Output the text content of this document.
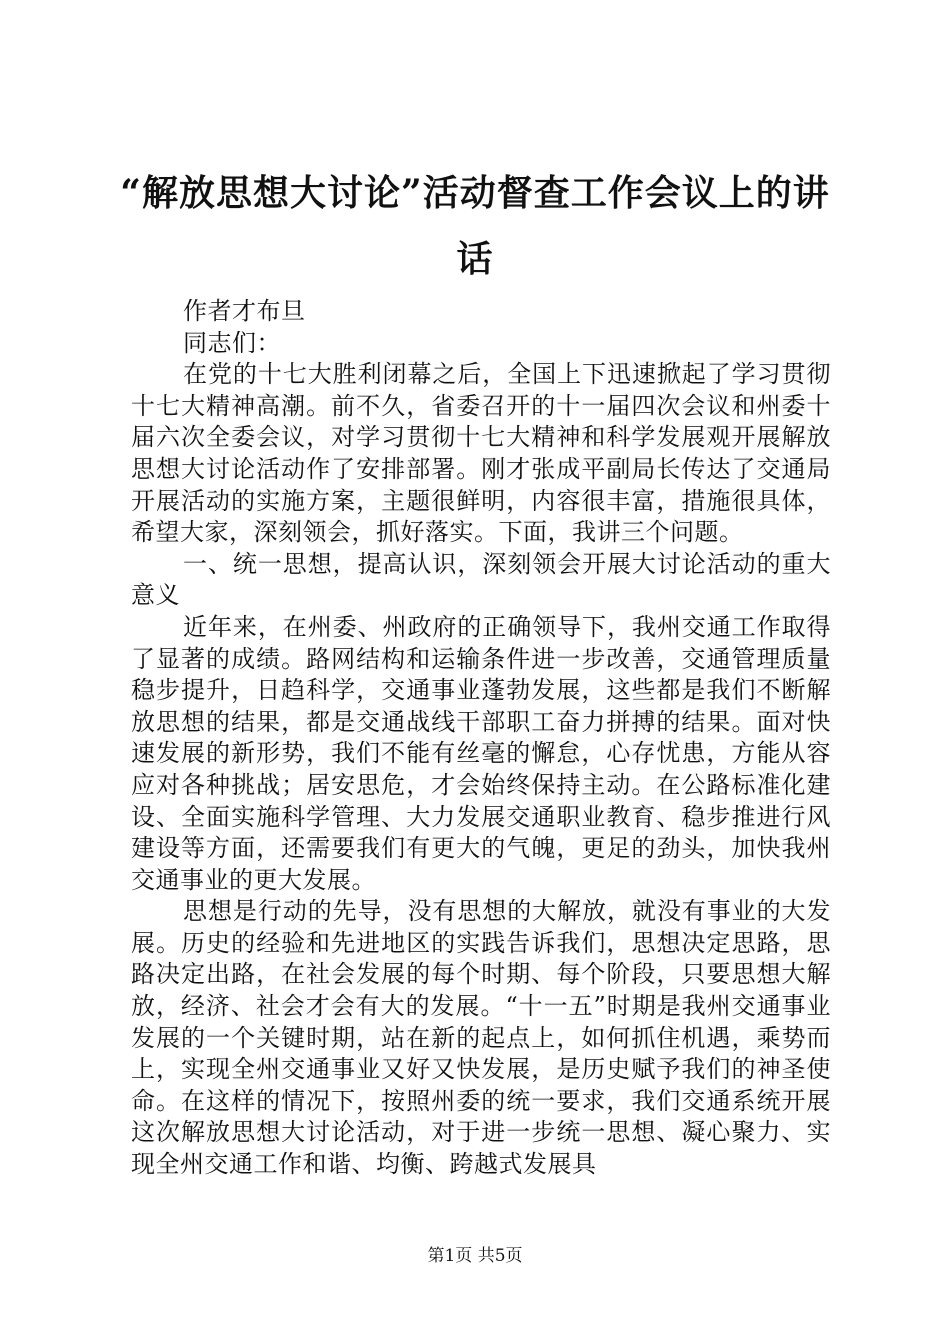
“解放思想大讨论”活动督查工作会议上的讲话

作者才布旦

同志们：

在党的十七大胜利闭幕之后，全国上下迅速掀起了学习贯彻十七大精神高潮。前不久，省委召开的十一届四次会议和州委十届六次全委会议，对学习贯彻十七大精神和科学发展观开展解放思想大讨论活动作了安排部署。刚才张成平副局长传达了交通局开展活动的实施方案，主题很鲜明，内容很丰富，措施很具体，希望大家，深刻领会，抓好落实。下面，我讲三个问题。

一、统一思想，提高认识，深刻领会开展大讨论活动的重大意义

近年来，在州委、州政府的正确领导下，我州交通工作取得了显著的成绩。路网结构和运输条件进一步改善，交通管理质量稳步提升，日趋科学，交通事业蓬勃发展，这些都是我们不断解放思想的结果，都是交通战线干部职工奋力拼搏的结果。面对快速发展的新形势，我们不能有丝毫的懈怠，心存忧患，方能从容应对各种挑战；居安思危，才会始终保持主动。在公路标准化建设、全面实施科学管理、大力发展交通职业教育、稳步推进行风建设等方面，还需要我们有更大的气魄，更足的劲头，加快我州交通事业的更大发展。

思想是行动的先导，没有思想的大解放，就没有事业的大发展。历史的经验和先进地区的实践告诉我们，思想决定思路，思路决定出路，在社会发展的每个时期、每个阶段，只要思想大解放，经济、社会才会有大的发展。“十一五”时期是我州交通事业发展的一个关键时期，站在新的起点上，如何抓住机遇，乘势而上，实现全州交通事业又好又快发展，是历史赋予我们的神圣使命。在这样的情况下，按照州委的统一要求，我们交通系统开展这次解放思想大讨论活动，对于进一步统一思想、凝心聚力、实现全州交通工作和谐、均衡、跨越式发展具

第1页 共5页
